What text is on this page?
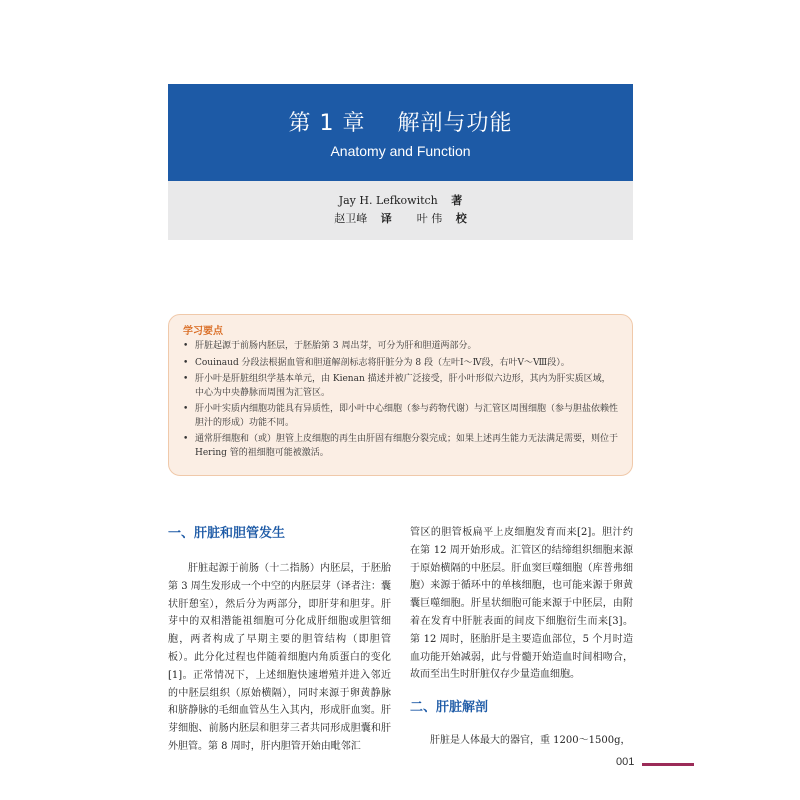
第 1 章    解剖与功能
Anatomy and Function
Jay H. Lefkowitch 著
赵卫峰 译 叶 伟 校
学习要点
• 肝脏起源于前肠内胚层，于胚胎第 3 周出芽，可分为肝和胆道两部分。
• Couinaud 分段法根据血管和胆道解剖标志将肝脏分为 8 段（左叶Ⅰ～Ⅳ段，右叶Ⅴ～Ⅷ段）。
• 肝小叶是肝脏组织学基本单元，由 Kienan 描述并被广泛接受，肝小叶形似六边形，其内为肝实质区域，中心为中央静脉而周围为汇管区。
• 肝小叶实质内细胞功能具有异质性，即小叶中心细胞（参与药物代谢）与汇管区周围细胞（参与胆盐依赖性胆汁的形成）功能不同。
• 通常肝细胞和（或）胆管上皮细胞的再生由肝固有细胞分裂完成；如果上述再生能力无法满足需要，则位于 Hering 管的祖细胞可能被激活。
一、肝脏和胆管发生

肝脏起源于前肠（十二指肠）内胚层，于胚胎第 3 周生发形成一个中空的内胚层芽（译者注：囊状肝憩室），然后分为两部分，即肝芽和胆芽。肝芽中的双相潜能祖细胞可分化成肝细胞或胆管细胞，两者构成了早期主要的胆管结构（即胆管板）。此分化过程也伴随着细胞内角质蛋白的变化[1]。正常情况下，上述细胞快速增殖并进入邻近的中胚层组织（原始横隔），同时来源于卵黄静脉和脐静脉的毛细血管丛生入其内，形成肝血窦。肝芽细胞、前肠内胚层和胆芽三者共同形成胆囊和肝外胆管。第 8 周时，肝内胆管开始由毗邻汇

管区的胆管板扁平上皮细胞发育而来[2]。胆汁约在第 12 周开始形成。汇管区的结缔组织细胞来源于原始横隔的中胚层。肝血窦巨噬细胞（库普弗细胞）来源于循环中的单核细胞，也可能来源于卵黄囊巨噬细胞。肝星状细胞可能来源于中胚层，由附着在发育中肝脏表面的间皮下细胞衍生而来[3]。第 12 周时，胚胎肝是主要造血部位，5 个月时造血功能开始减弱，此与骨髓开始造血时间相吻合，故而至出生时肝脏仅存少量造血细胞。

二、肝脏解剖

肝脏是人体最大的器官，重 1200～1500g，

001
